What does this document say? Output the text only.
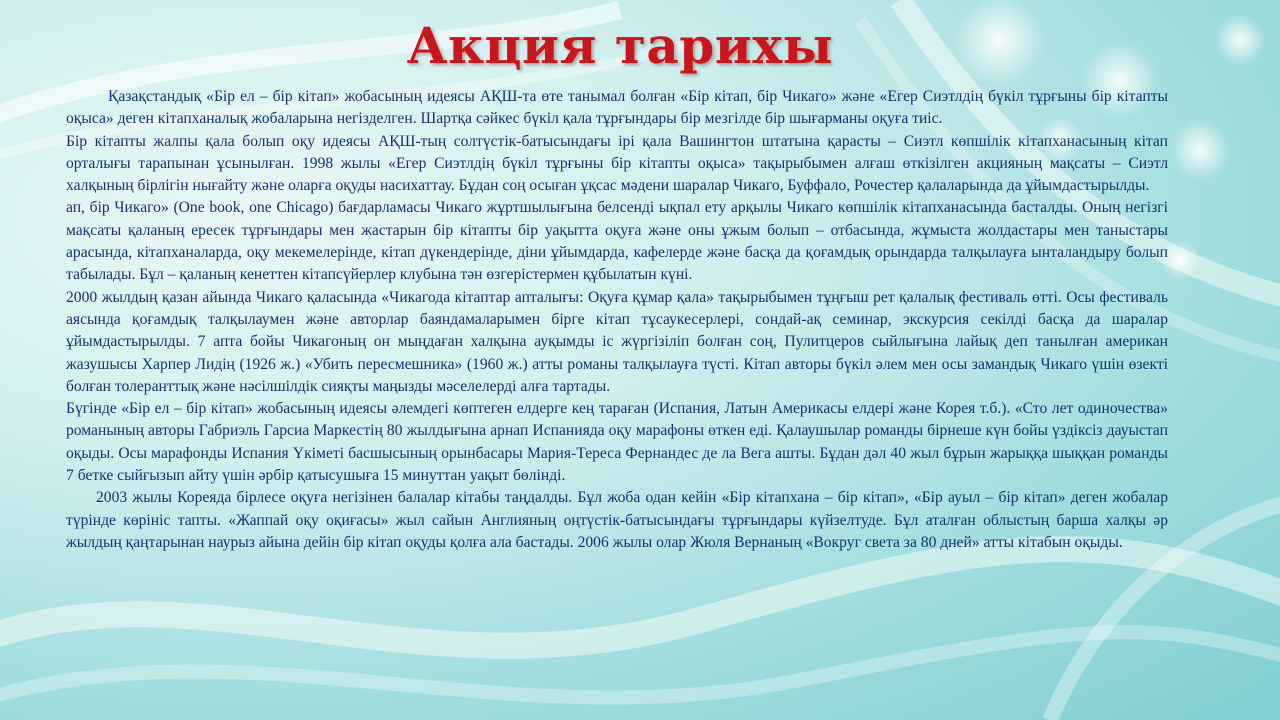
Акция тарихы

Қазақстандық «Бір ел – бір кітап» жобасының идеясы АҚШ-та өте танымал болған «Бір кітап, бір Чикаго» және «Егер Сиэтлдің бүкіл тұрғыны бір кітапты оқыса» деген кітапханалық жобаларына негізделген. Шартқа сәйкес бүкіл қала тұрғындары бір мезгілде бір шығарманы оқуға тиіс.

Бір кітапты жалпы қала болып оқу идеясы АҚШ-тың солтүстік-батысындағы ірі қала Вашингтон штатына қарасты – Сиэтл көпшілік кітапханасының кітап орталығы тарапынан ұсынылған. 1998 жылы «Егер Сиэтлдің бүкіл тұрғыны бір кітапты оқыса» тақырыбымен алғаш өткізілген акцияның мақсаты – Сиэтл халқының бірлігін нығайту және оларға оқуды насихаттау. Бұдан соң осыған ұқсас мәдени шаралар Чикаго, Буффало, Рочестер қалаларында да ұйымдастырылды.

ап, бір Чикаго» (One book, one Chicago) бағдарламасы Чикаго жұртшылығына белсенді ықпал ету арқылы Чикаго көпшілік кітапханасында басталды. Оның негізгі мақсаты қаланың ересек тұрғындары мен жастарын бір кітапты бір уақытта оқуға және оны ұжым болып – отбасында, жұмыста жолдастары мен таныстары арасында, кітапханаларда, оқу мекемелерінде, кітап дүкендерінде, діни ұйымдарда, кафелерде және басқа да қоғамдық орындарда талқылауға ынталандыру болып табылады. Бұл – қаланың кенеттен кітапсүйерлер клубына тән өзгерістермен құбылатын күні.

2000 жылдың қазан айында Чикаго қаласында «Чикагода кітаптар апталығы: Оқуға құмар қала» тақырыбымен тұңғыш рет қалалық фестиваль өтті. Осы фестиваль аясында қоғамдық талқылаумен және авторлар баяндамаларымен бірге кітап тұсаукесерлері, сондай-ақ семинар, экскурсия секілді басқа да шаралар ұйымдастырылды. 7 апта бойы Чикагоның он мыңдаған халқына ауқымды іс жүргізіліп болған соң, Пулитцеров сыйлығына лайық деп танылған американ жазушысы Харпер Лидің (1926 ж.) «Убить пересмешника» (1960 ж.) атты романы талқылауға түсті. Кітап авторы бүкіл әлем мен осы замандық Чикаго үшін өзекті болған толеранттық және нәсілшілдік сияқты маңызды мәселелерді алға тартады.

Бүгінде «Бір ел – бір кітап» жобасының идеясы әлемдегі көптеген елдерге кең тараған (Испания, Латын Америкасы елдері және Корея т.б.). «Сто лет одиночества» романының авторы Габриэль Гарсиа Маркестің 80 жылдығына арнап Испанияда оқу марафоны өткен еді. Қалаушылар романды бірнеше күн бойы үздіксіз дауыстап оқыды. Осы марафонды Испания Үкіметі басшысының орынбасары Мария-Тереса Фернандес де ла Вега ашты. Бұдан дәл 40 жыл бұрын жарыққа шыққан романды 7 бетке сыйғызып айту үшін әрбір қатысушыға 15 минуттан уақыт бөлінді.

2003 жылы Кореяда бірлесе оқуға негізінен балалар кітабы таңдалды. Бұл жоба одан кейін «Бір кітапхана – бір кітап», «Бір ауыл – бір кітап» деген жобалар түрінде көрініс тапты. «Жаппай оқу оқиғасы» жыл сайын Англияның оңтүстік-батысындағы тұрғындары күйзелтуде. Бұл аталған облыстың барша халқы әр жылдың қаңтарынан наурыз айына дейін бір кітап оқуды қолға ала бастады. 2006 жылы олар Жюля Вернаның «Вокруг света за 80 дней» атты кітабын оқыды.
